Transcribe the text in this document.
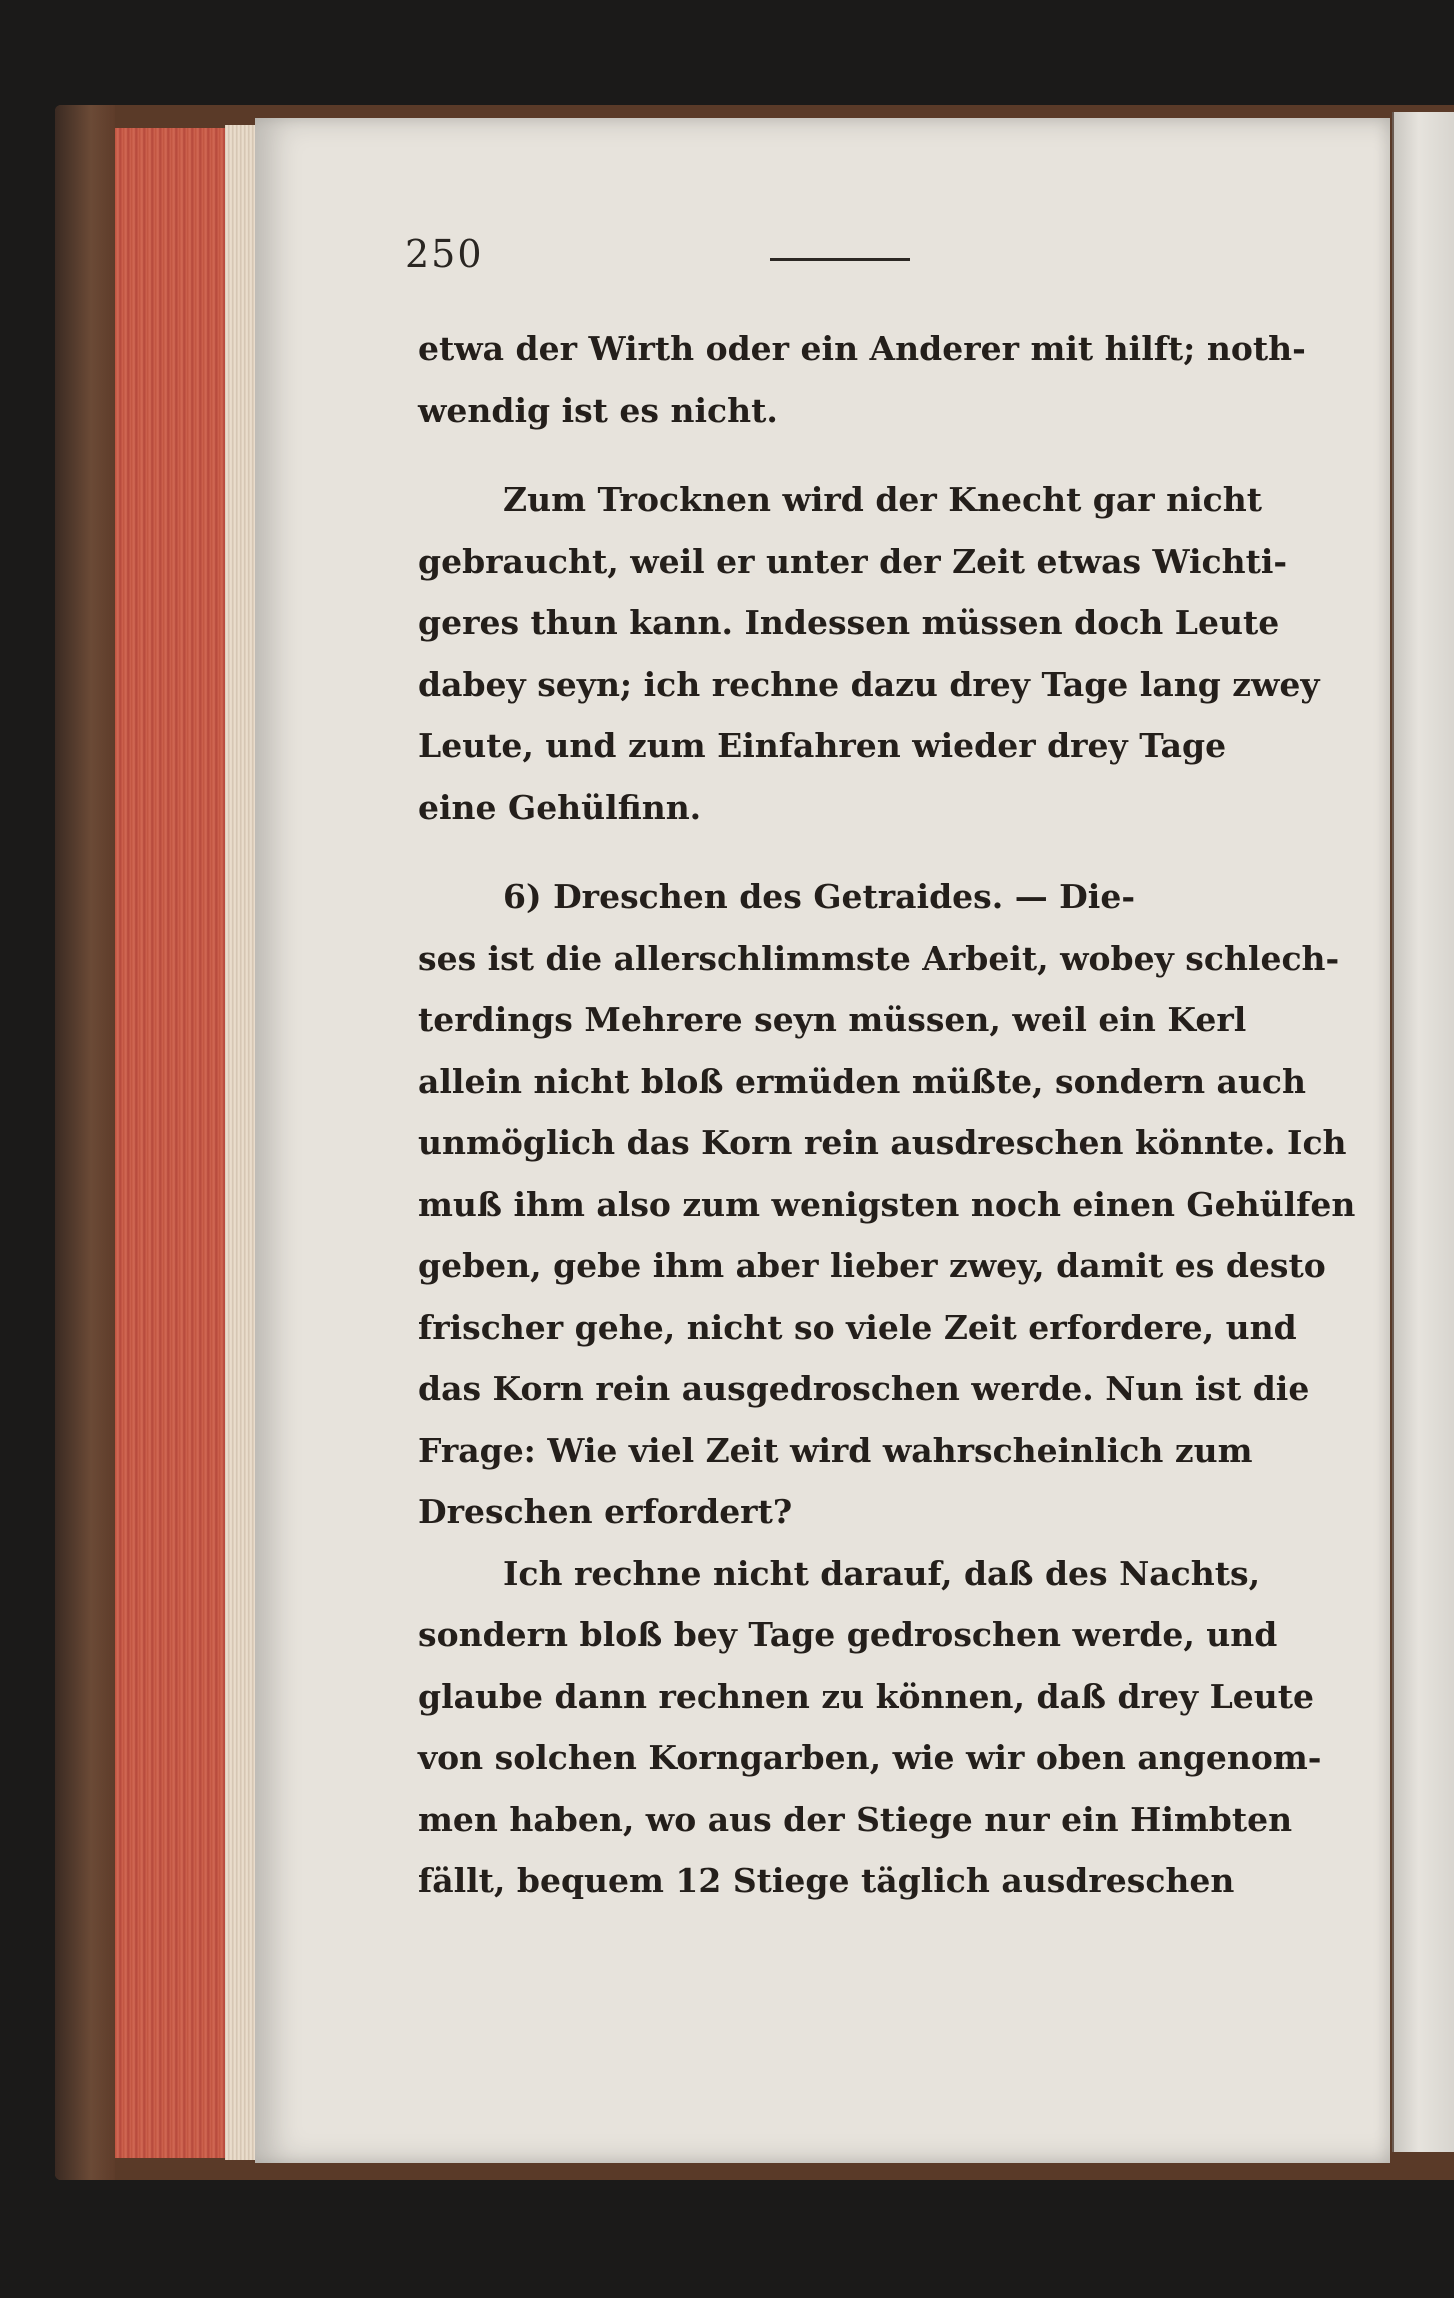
250
etwa der Wirth oder ein Anderer mit hilft; noth-
wendig ist es nicht.
Zum Trocknen wird der Knecht gar nicht
gebraucht, weil er unter der Zeit etwas Wichti-
geres thun kann. Indessen müssen doch Leute
dabey seyn; ich rechne dazu drey Tage lang zwey
Leute, und zum Einfahren wieder drey Tage
eine Gehülfinn.
6) Dreschen des Getraides. — Die-
ses ist die allerschlimmste Arbeit, wobey schlech-
terdings Mehrere seyn müssen, weil ein Kerl
allein nicht bloß ermüden müßte, sondern auch
unmöglich das Korn rein ausdreschen könnte. Ich
muß ihm also zum wenigsten noch einen Gehülfen
geben, gebe ihm aber lieber zwey, damit es desto
frischer gehe, nicht so viele Zeit erfordere, und
das Korn rein ausgedroschen werde. Nun ist die
Frage: Wie viel Zeit wird wahrscheinlich zum
Dreschen erfordert?
Ich rechne nicht darauf, daß des Nachts,
sondern bloß bey Tage gedroschen werde, und
glaube dann rechnen zu können, daß drey Leute
von solchen Korngarben, wie wir oben angenom-
men haben, wo aus der Stiege nur ein Himbten
fällt, bequem 12 Stiege täglich ausdreschen
